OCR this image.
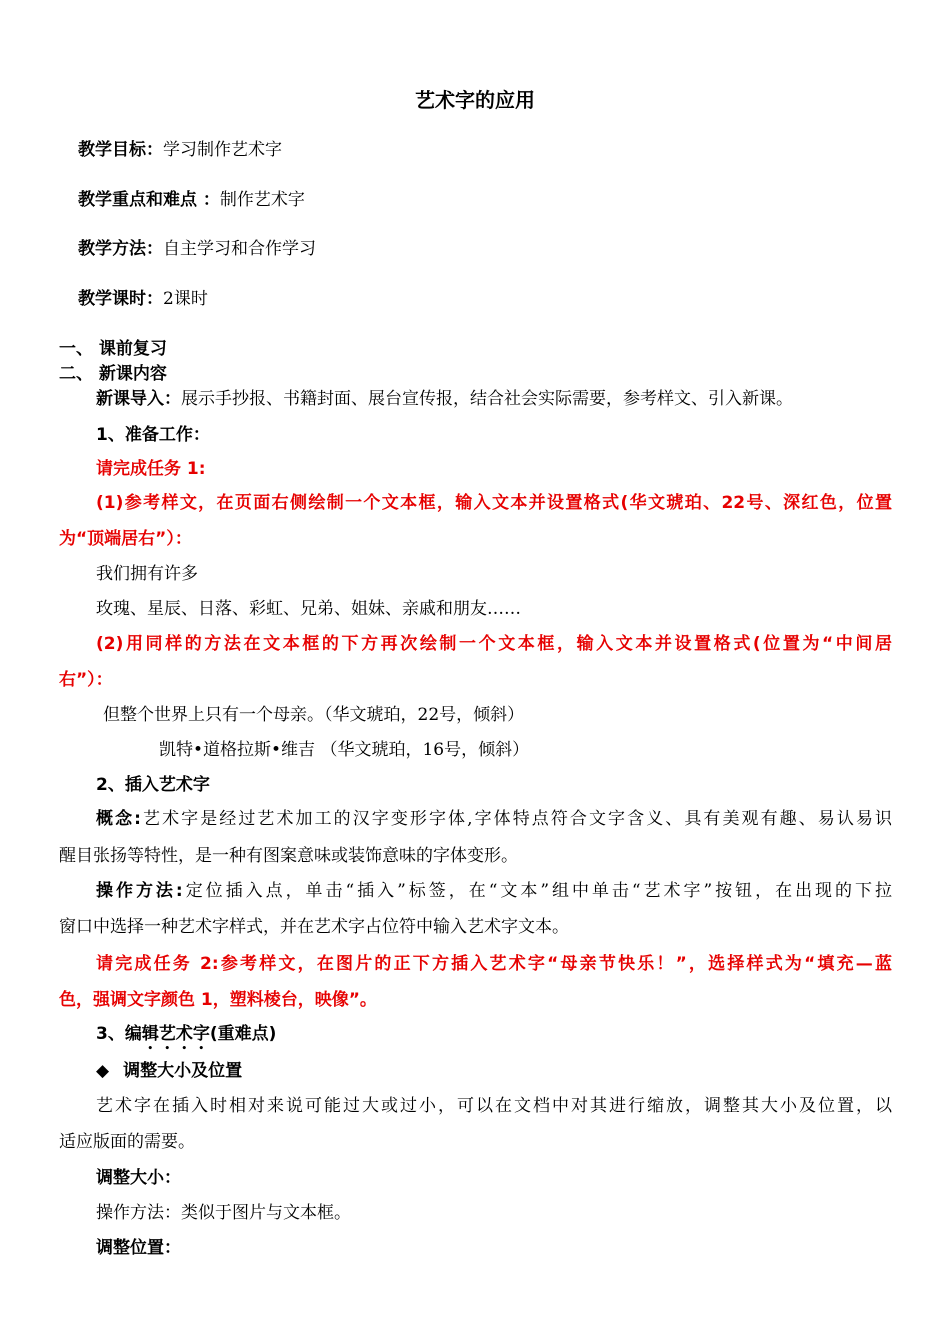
艺术字的应用
教学目标：学习制作艺术字
教学重点和难点 ：制作艺术字
教学方法：自主学习和合作学习
教学课时：2课时
一、 课前复习
二、 新课内容
新课导入：展示手抄报、书籍封面、展台宣传报，结合社会实际需要，参考样文、引入新课。
1、准备工作：
请完成任务 1:
(1)参考样文，在页面右侧绘制一个文本框，输入文本并设置格式(华文琥珀、22号、深红色，位置
为“顶端居右”）：
我们拥有许多
玫瑰、星辰、日落、彩虹、兄弟、姐妹、亲戚和朋友……
(2)用同样的方法在文本框的下方再次绘制一个文本框，输入文本并设置格式(位置为“中间居
右”）：
但整个世界上只有一个母亲。（华文琥珀，22号，倾斜）
凯特•道格拉斯•维吉 （华文琥珀，16号，倾斜）
2、插入艺术字
概念:艺术字是经过艺术加工的汉字变形字体,字体特点符合文字含义、具有美观有趣、易认易识
醒目张扬等特性，是一种有图案意味或装饰意味的字体变形。
操作方法:定位插入点，单击“插入”标签，在“文本”组中单击“艺术字”按钮，在出现的下拉
窗口中选择一种艺术字样式，并在艺术字占位符中输入艺术字文本。
请完成任务 2:参考样文，在图片的正下方插入艺术字“母亲节快乐！”，选择样式为“填充—蓝
色，强调文字颜色 1，塑料棱台，映像”。
3、编辑艺术字(重难点)
◆ 调整大小及位置
艺术字在插入时相对来说可能过大或过小，可以在文档中对其进行缩放，调整其大小及位置，以
适应版面的需要。
调整大小：
操作方法：类似于图片与文本框。
调整位置：
